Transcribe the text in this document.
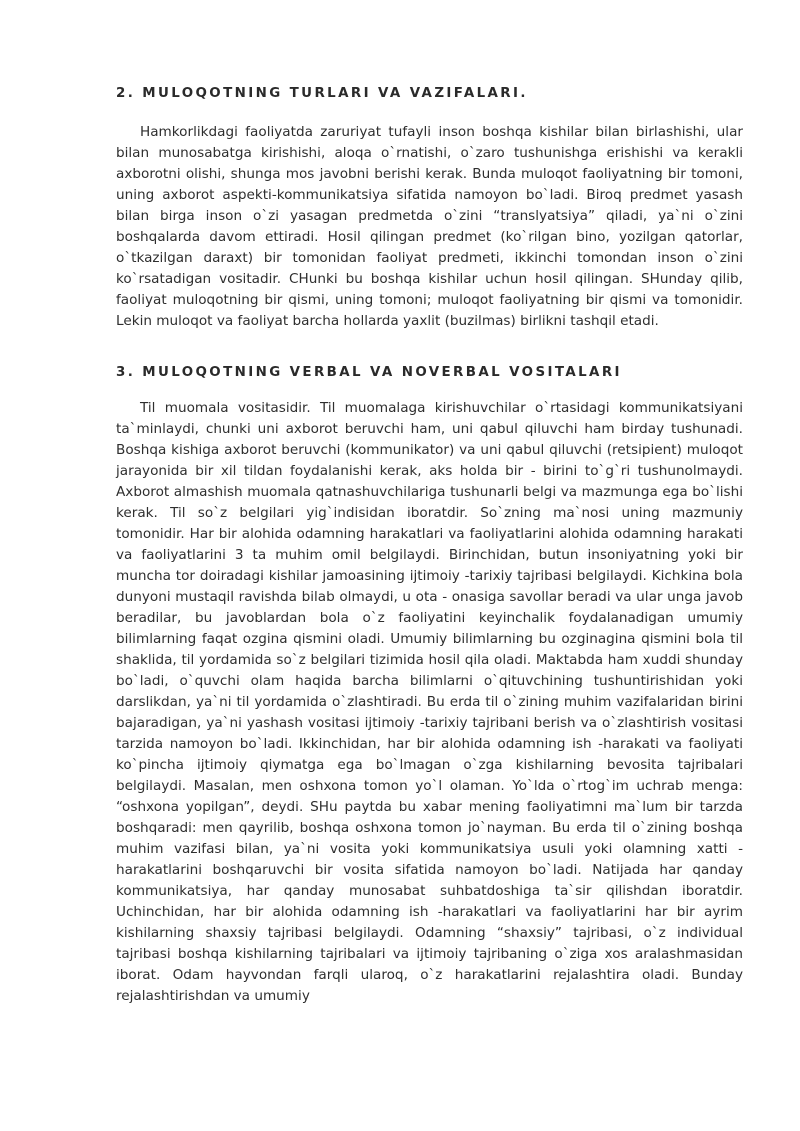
2. MULOQOTNING TURLARI VA VAZIFALARI.

Hamkorlikdagi faoliyatda zaruriyat tufayli inson boshqa kishilar bilan birlashishi, ular bilan munosabatga kirishishi, aloqa o`rnatishi, o`zaro tushunishga erishishi va kerakli axborotni olishi, shunga mos javobni berishi kerak. Bunda muloqot faoliyatning bir tomoni, uning axborot aspekti-kommunikatsiya sifatida namoyon bo`ladi. Biroq predmet yasash bilan birga inson o`zi yasagan predmetda o`zini “translyatsiya” qiladi, ya`ni o`zini boshqalarda davom ettiradi. Hosil qilingan predmet (ko`rilgan bino, yozilgan qatorlar, o`tkazilgan daraxt) bir tomonidan faoliyat predmeti, ikkinchi tomondan inson o`zini ko`rsatadigan vositadir. CHunki bu boshqa kishilar uchun hosil qilingan. SHunday qilib, faoliyat muloqotning bir qismi, uning tomoni; muloqot faoliyatning bir qismi va tomonidir. Lekin muloqot va faoliyat barcha hollarda yaxlit (buzilmas) birlikni tashqil etadi.

3. MULOQOTNING VERBAL VA NOVERBAL VOSITALARI

Til muomala vositasidir. Til muomalaga kirishuvchilar o`rtasidagi kommunikatsiyani ta`minlaydi, chunki uni axborot beruvchi ham, uni qabul qiluvchi ham birday tushunadi. Boshqa kishiga axborot beruvchi (kommunikator) va uni qabul qiluvchi (retsipient) muloqot jarayonida bir xil tildan foydalanishi kerak, aks holda bir - birini to`g`ri tushunolmaydi. Axborot almashish muomala qatnashuvchilariga tushunarli belgi va mazmunga ega bo`lishi kerak. Til so`z belgilari yig`indisidan iboratdir. So`zning ma`nosi uning mazmuniy tomonidir. Har bir alohida odamning harakatlari va faoliyatlarini alohida odamning harakati va faoliyatlarini 3 ta muhim omil belgilaydi. Birinchidan, butun insoniyatning yoki bir muncha tor doiradagi kishilar jamoasining ijtimoiy -tarixiy tajribasi belgilaydi. Kichkina bola dunyoni mustaqil ravishda bilab olmaydi, u ota - onasiga savollar beradi va ular unga javob beradilar, bu javoblardan bola o`z faoliyatini keyinchalik foydalanadigan umumiy bilimlarning faqat ozgina qismini oladi. Umumiy bilimlarning bu ozginagina qismini bola til shaklida, til yordamida so`z belgilari tizimida hosil qila oladi. Maktabda ham xuddi shunday bo`ladi, o`quvchi olam haqida barcha bilimlarni o`qituvchining tushuntirishidan yoki darslikdan, ya`ni til yordamida o`zlashtiradi. Bu erda til o`zining muhim vazifalaridan birini bajaradigan, ya`ni yashash vositasi ijtimoiy -tarixiy tajribani berish va o`zlashtirish vositasi tarzida namoyon bo`ladi. Ikkinchidan, har bir alohida odamning ish -harakati va faoliyati ko`pincha ijtimoiy qiymatga ega bo`lmagan o`zga kishilarning bevosita tajribalari belgilaydi. Masalan, men oshxona tomon yo`l olaman. Yo`lda o`rtog`im uchrab menga: “oshxona yopilgan”, deydi. SHu paytda bu xabar mening faoliyatimni ma`lum bir tarzda boshqaradi: men qayrilib, boshqa oshxona tomon jo`nayman. Bu erda til o`zining boshqa muhim vazifasi bilan, ya`ni vosita yoki kommunikatsiya usuli yoki olamning xatti -harakatlarini boshqaruvchi bir vosita sifatida namoyon bo`ladi. Natijada har qanday kommunikatsiya, har qanday munosabat suhbatdoshiga ta`sir qilishdan iboratdir. Uchinchidan, har bir alohida odamning ish -harakatlari va faoliyatlarini har bir ayrim kishilarning shaxsiy tajribasi belgilaydi. Odamning “shaxsiy” tajribasi, o`z individual tajribasi boshqa kishilarning tajribalari va ijtimoiy tajribaning o`ziga xos aralashmasidan iborat. Odam hayvondan farqli ularoq, o`z harakatlarini rejalashtira oladi. Bunday rejalashtirishdan va umumiy
